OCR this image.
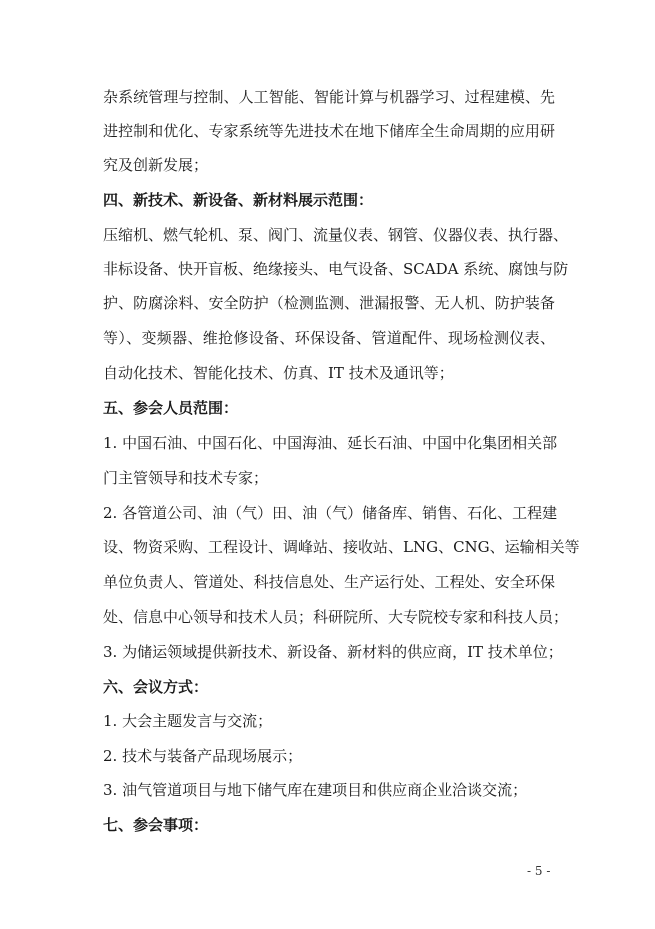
杂系统管理与控制、人工智能、智能计算与机器学习、过程建模、先
进控制和优化、专家系统等先进技术在地下储库全生命周期的应用研
究及创新发展；
四、新技术、新设备、新材料展示范围：
压缩机、燃气轮机、泵、阀门、流量仪表、钢管、仪器仪表、执行器、
非标设备、快开盲板、绝缘接头、电气设备、SCADA 系统、腐蚀与防
护、防腐涂料、安全防护（检测监测、泄漏报警、无人机、防护装备
等）、变频器、维抢修设备、环保设备、管道配件、现场检测仪表、
自动化技术、智能化技术、仿真、IT 技术及通讯等；
五、参会人员范围：
1. 中国石油、中国石化、中国海油、延长石油、中国中化集团相关部
门主管领导和技术专家；
2. 各管道公司、油（气）田、油（气）储备库、销售、石化、工程建
设、物资采购、工程设计、调峰站、接收站、LNG、CNG、运输相关等
单位负责人、管道处、科技信息处、生产运行处、工程处、安全环保
处、信息中心领导和技术人员；科研院所、大专院校专家和科技人员；
3. 为储运领域提供新技术、新设备、新材料的供应商，IT 技术单位；
六、会议方式：
1. 大会主题发言与交流；
2. 技术与装备产品现场展示；
3. 油气管道项目与地下储气库在建项目和供应商企业洽谈交流；
七、参会事项：
- 5 -
